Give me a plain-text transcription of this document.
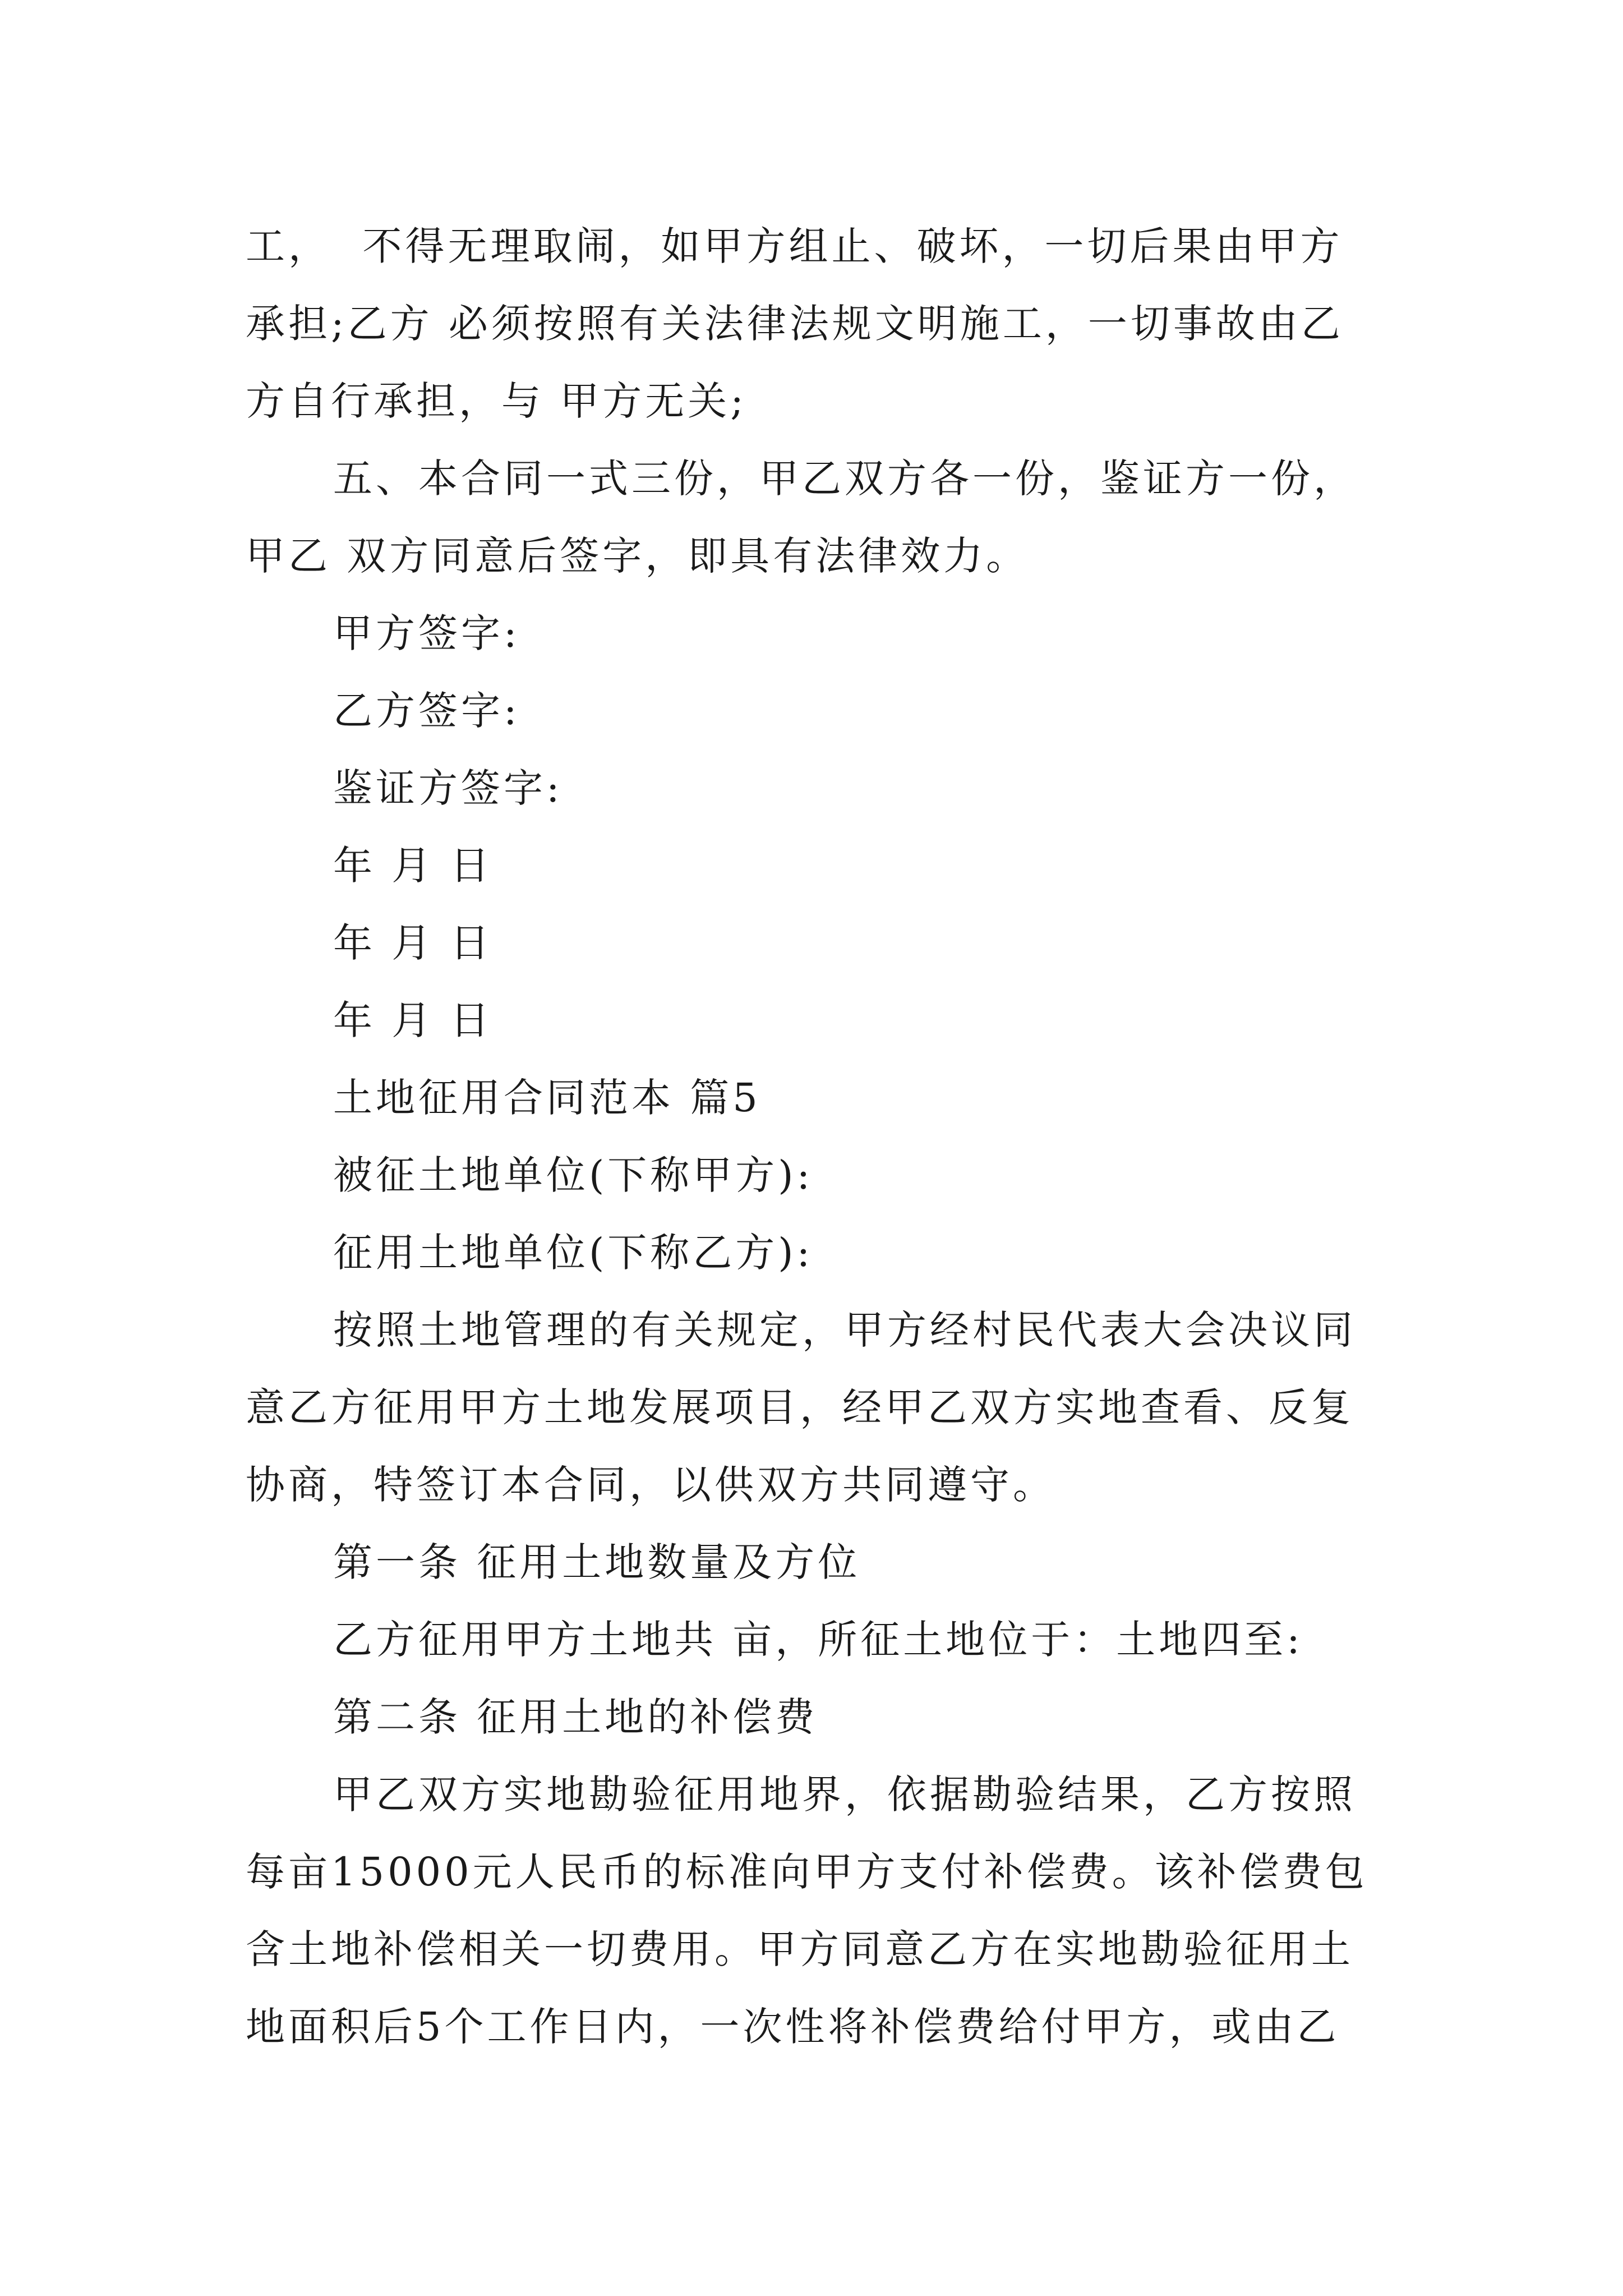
工，  不得无理取闹，如甲方组止、破坏，一切后果由甲方
承担;乙方 必须按照有关法律法规文明施工，一切事故由乙
方自行承担，与 甲方无关;
五、本合同一式三份，甲乙双方各一份，鉴证方一份，
甲乙 双方同意后签字，即具有法律效力。
甲方签字:
乙方签字:
鉴证方签字:
年 月 日
年 月 日
年 月 日
土地征用合同范本 篇5
被征土地单位(下称甲方):
征用土地单位(下称乙方):
按照土地管理的有关规定，甲方经村民代表大会决议同
意乙方征用甲方土地发展项目，经甲乙双方实地查看、反复
协商，特签订本合同，以供双方共同遵守。
第一条 征用土地数量及方位
乙方征用甲方土地共 亩，所征土地位于：土地四至:
第二条 征用土地的补偿费
甲乙双方实地勘验征用地界，依据勘验结果，乙方按照
每亩15000元人民币的标准向甲方支付补偿费。该补偿费包
含土地补偿相关一切费用。甲方同意乙方在实地勘验征用土
地面积后5个工作日内，一次性将补偿费给付甲方，或由乙
